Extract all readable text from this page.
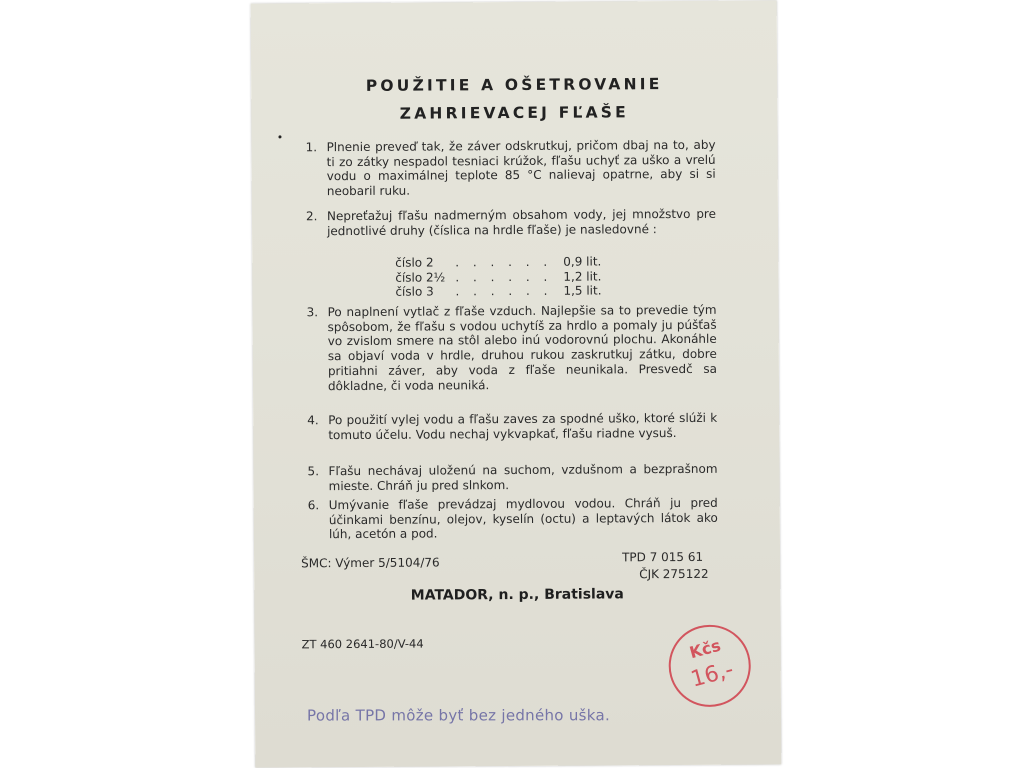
POUŽITIE A OŠETROVANIE
ZAHRIEVACEJ FĽAŠE
1. Plnenie preveď tak, že záver odskrutkuj, pričom dbaj na to, aby ti zo zátky nespadol tesniaci krúžok, fľašu uchyť za uško a vrelú vodu o maximálnej teplote 85 °C nalievaj opatrne, aby si si neobaril ruku.
2. Nepreťažuj fľašu nadmerným obsahom vody, jej množstvo pre jednotlivé druhy (číslica na hrdle fľaše) je nasledovné :
číslo 2 . . . . . . 0,9 lit.
číslo 2½ . . . . . . 1,2 lit.
číslo 3 . . . . . . 1,5 lit.
3. Po naplnení vytlač z fľaše vzduch. Najlepšie sa to prevedie tým spôsobom, že fľašu s vodou uchytíš za hrdlo a pomaly ju púšťaš vo zvislom smere na stôl alebo inú vodorovnú plochu. Akonáhle sa objaví voda v hrdle, druhou rukou zaskrutkuj zátku, dobre pritiahni záver, aby voda z fľaše neunikala. Presvedč sa dôkladne, či voda neuniká.
4. Po použití vylej vodu a fľašu zaves za spodné uško, ktoré slúži k tomuto účelu. Vodu nechaj vykvapkať, fľašu riadne vysuš.
5. Fľašu nechávaj uloženú na suchom, vzdušnom a bezprašnom mieste. Chráň ju pred slnkom.
6. Umývanie fľaše prevádzaj mydlovou vodou. Chráň ju pred účinkami benzínu, olejov, kyselín (octu) a leptavých látok ako lúh, acetón a pod.
ŠMC: Výmer 5/5104/76	TPD 7 015 61
ČJK 275122
MATADOR, n. p., Bratislava
ZT 460 2641-80/V-44	Kčs
16,-
Podľa TPD môže byť bez jedného uška.
